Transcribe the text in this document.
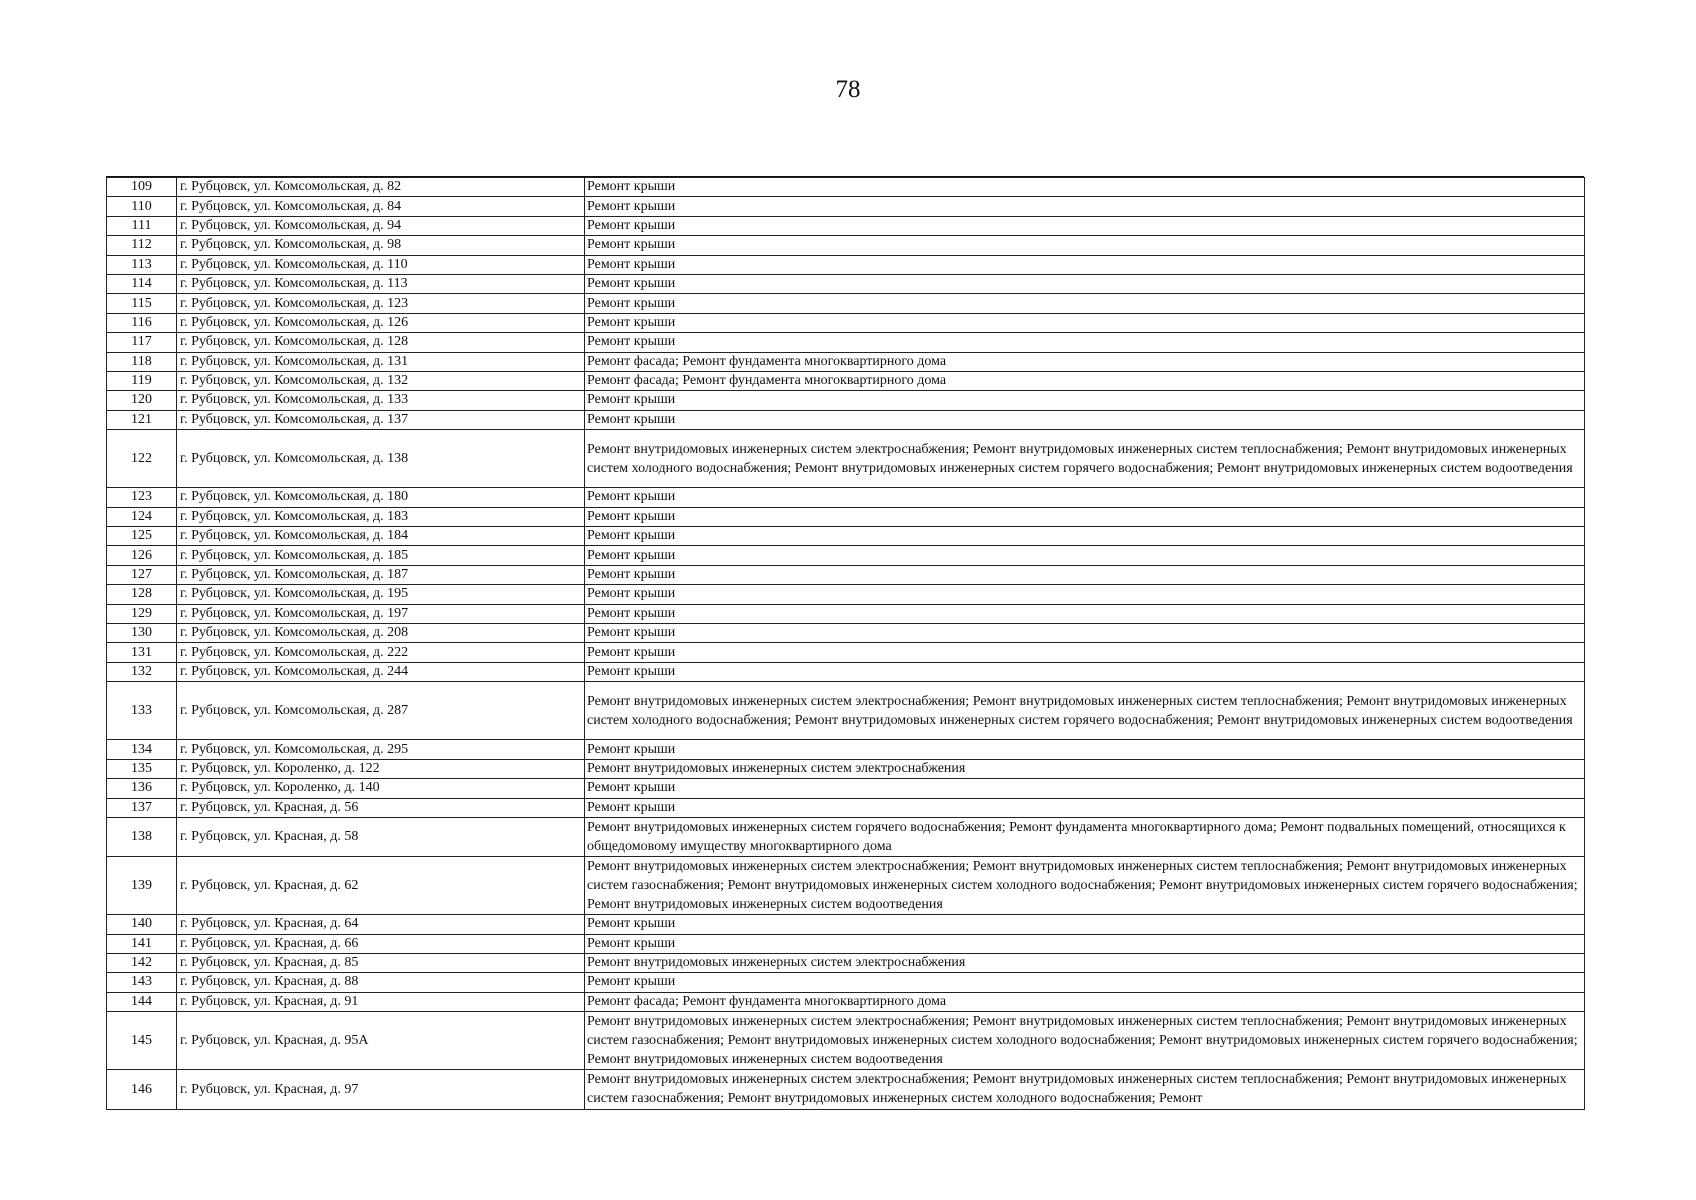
78
109	г. Рубцовск, ул. Комсомольская, д. 82	Ремонт крыши
110	г. Рубцовск, ул. Комсомольская, д. 84	Ремонт крыши
111	г. Рубцовск, ул. Комсомольская, д. 94	Ремонт крыши
112	г. Рубцовск, ул. Комсомольская, д. 98	Ремонт крыши
113	г. Рубцовск, ул. Комсомольская, д. 110	Ремонт крыши
114	г. Рубцовск, ул. Комсомольская, д. 113	Ремонт крыши
115	г. Рубцовск, ул. Комсомольская, д. 123	Ремонт крыши
116	г. Рубцовск, ул. Комсомольская, д. 126	Ремонт крыши
117	г. Рубцовск, ул. Комсомольская, д. 128	Ремонт крыши
118	г. Рубцовск, ул. Комсомольская, д. 131	Ремонт фасада; Ремонт фундамента многоквартирного дома
119	г. Рубцовск, ул. Комсомольская, д. 132	Ремонт фасада; Ремонт фундамента многоквартирного дома
120	г. Рубцовск, ул. Комсомольская, д. 133	Ремонт крыши
121	г. Рубцовск, ул. Комсомольская, д. 137	Ремонт крыши
122	г. Рубцовск, ул. Комсомольская, д. 138	Ремонт внутридомовых инженерных систем электроснабжения; Ремонт внутридомовых инженерных систем теплоснабжения; Ремонт внутридомовых инженерных систем холодного водоснабжения; Ремонт внутридомовых инженерных систем горячего водоснабжения; Ремонт внутридомовых инженерных систем водоотведения
123	г. Рубцовск, ул. Комсомольская, д. 180	Ремонт крыши
124	г. Рубцовск, ул. Комсомольская, д. 183	Ремонт крыши
125	г. Рубцовск, ул. Комсомольская, д. 184	Ремонт крыши
126	г. Рубцовск, ул. Комсомольская, д. 185	Ремонт крыши
127	г. Рубцовск, ул. Комсомольская, д. 187	Ремонт крыши
128	г. Рубцовск, ул. Комсомольская, д. 195	Ремонт крыши
129	г. Рубцовск, ул. Комсомольская, д. 197	Ремонт крыши
130	г. Рубцовск, ул. Комсомольская, д. 208	Ремонт крыши
131	г. Рубцовск, ул. Комсомольская, д. 222	Ремонт крыши
132	г. Рубцовск, ул. Комсомольская, д. 244	Ремонт крыши
133	г. Рубцовск, ул. Комсомольская, д. 287	Ремонт внутридомовых инженерных систем электроснабжения; Ремонт внутридомовых инженерных систем теплоснабжения; Ремонт внутридомовых инженерных систем холодного водоснабжения; Ремонт внутридомовых инженерных систем горячего водоснабжения; Ремонт внутридомовых инженерных систем водоотведения
134	г. Рубцовск, ул. Комсомольская, д. 295	Ремонт крыши
135	г. Рубцовск, ул. Короленко, д. 122	Ремонт внутридомовых инженерных систем электроснабжения
136	г. Рубцовск, ул. Короленко, д. 140	Ремонт крыши
137	г. Рубцовск, ул. Красная, д. 56	Ремонт крыши
138	г. Рубцовск, ул. Красная, д. 58	Ремонт внутридомовых инженерных систем горячего водоснабжения; Ремонт фундамента многоквартирного дома; Ремонт подвальных помещений, относящихся к общедомовому имуществу многоквартирного дома
139	г. Рубцовск, ул. Красная, д. 62	Ремонт внутридомовых инженерных систем электроснабжения; Ремонт внутридомовых инженерных систем теплоснабжения; Ремонт внутридомовых инженерных систем газоснабжения; Ремонт внутридомовых инженерных систем холодного водоснабжения; Ремонт внутридомовых инженерных систем горячего водоснабжения; Ремонт внутридомовых инженерных систем водоотведения
140	г. Рубцовск, ул. Красная, д. 64	Ремонт крыши
141	г. Рубцовск, ул. Красная, д. 66	Ремонт крыши
142	г. Рубцовск, ул. Красная, д. 85	Ремонт внутридомовых инженерных систем электроснабжения
143	г. Рубцовск, ул. Красная, д. 88	Ремонт крыши
144	г. Рубцовск, ул. Красная, д. 91	Ремонт фасада; Ремонт фундамента многоквартирного дома
145	г. Рубцовск, ул. Красная, д. 95А	Ремонт внутридомовых инженерных систем электроснабжения; Ремонт внутридомовых инженерных систем теплоснабжения; Ремонт внутридомовых инженерных систем газоснабжения; Ремонт внутридомовых инженерных систем холодного водоснабжения; Ремонт внутридомовых инженерных систем горячего водоснабжения; Ремонт внутридомовых инженерных систем водоотведения
146	г. Рубцовск, ул. Красная, д. 97	Ремонт внутридомовых инженерных систем электроснабжения; Ремонт внутридомовых инженерных систем теплоснабжения; Ремонт внутридомовых инженерных систем газоснабжения; Ремонт внутридомовых инженерных систем холодного водоснабжения; Ремонт
